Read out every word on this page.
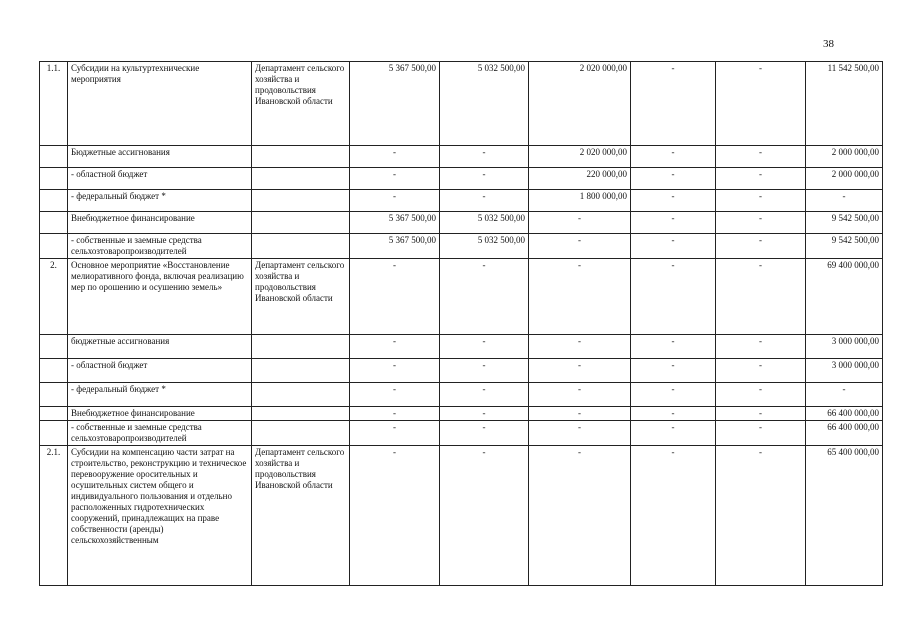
38
1.1.	Субсидии на культуртехнические мероприятия	Департамент сельского хозяйства и продовольствия Ивановской области	5 367 500,00	5 032 500,00	2 020 000,00	-	-	11 542 500,00
	Бюджетные ассигнования		-	-	2 020 000,00	-	-	2 000 000,00
	- областной бюджет		-	-	220 000,00	-	-	2 000 000,00
	- федеральный бюджет *		-	-	1 800 000,00	-	-	-
	Внебюджетное финансирование		5 367 500,00	5 032 500,00	-	-	-	9 542 500,00
	- собственные и заемные средства сельхозтоваропроизводителей		5 367 500,00	5 032 500,00	-	-	-	9 542 500,00
2.	Основное мероприятие «Восстановление мелиоративного фонда, включая реализацию мер по орошению и осушению земель»	Департамент сельского хозяйства и продовольствия Ивановской области	-	-	-	-	-	69 400 000,00
	бюджетные ассигнования		-	-	-	-	-	3 000 000,00
	- областной бюджет		-	-	-	-	-	3 000 000,00
	- федеральный бюджет *		-	-	-	-	-	-
	Внебюджетное финансирование		-	-	-	-	-	66 400 000,00
	- собственные и заемные средства сельхозтоваропроизводителей		-	-	-	-	-	66 400 000,00
2.1.	Субсидии на компенсацию части затрат на строительство, реконструкцию и техническое перевооружение оросительных и осушительных систем общего и индивидуального пользования и отдельно расположенных гидротехнических сооружений, принадлежащих на праве собственности (аренды) сельскохозяйственным	Департамент сельского хозяйства и продовольствия Ивановской области	-	-	-	-	-	65 400 000,00
